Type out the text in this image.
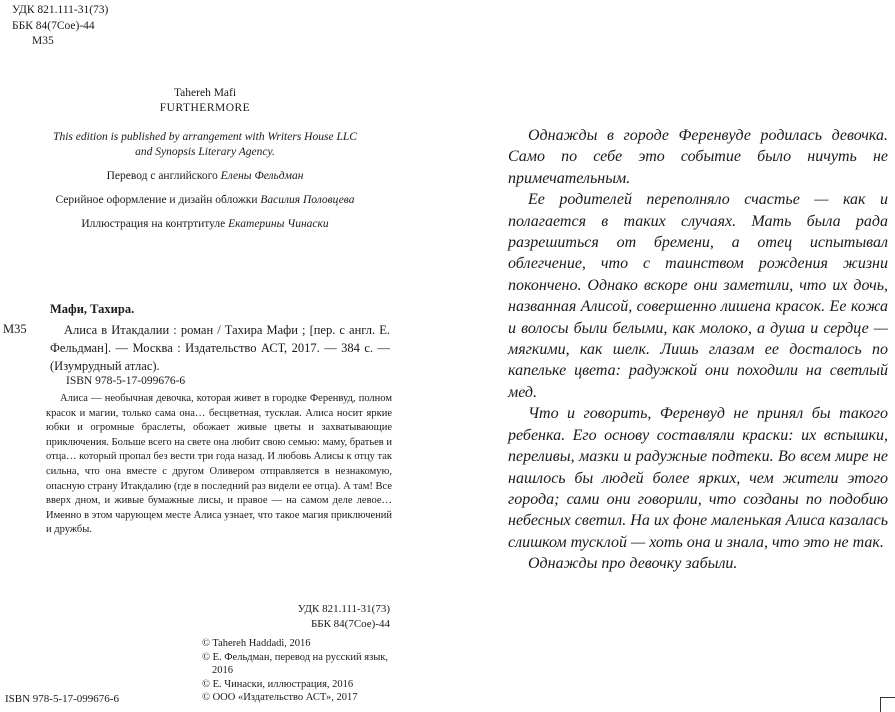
УДК 821.111-31(73)
ББК 84(7Сое)-44
М35
Tahereh Mafi
FURTHERMORE
This edition is published by arrangement with Writers House LLC
and Synopsis Literary Agency.
Перевод с английского Елены Фельдман
Серийное оформление и дизайн обложки Василия Половцева
Иллюстрация на контртитуле Екатерины Чинаски
Мафи, Тахира.
М35	Алиса в Итакдалии : роман / Тахира Мафи ; [пер. с англ. Е. Фельдман]. — Москва : Издательство АСТ, 2017. — 384 с. — (Изумрудный атлас).
ISBN 978-5-17-099676-6
Алиса — необычная девочка, которая живет в городке Ференвуд, полном красок и магии, только сама она… бесцветная, тусклая. Алиса носит яркие юбки и огромные браслеты, обожает живые цветы и захватывающие приключения. Больше всего на свете она любит свою семью: маму, братьев и отца… который пропал без вести три года назад. И любовь Алисы к отцу так сильна, что она вместе с другом Оливером отправляется в незнакомую, опасную страну Итакдалию (где в последний раз видели ее отца). А там! Все вверх дном, и живые бумажные лисы, и правое — на самом деле левое… Именно в этом чарующем месте Алиса узнает, что такое магия приключений и дружбы.
УДК 821.111-31(73)
ББК 84(7Сое)-44
© Tahereh Haddadi, 2016
© Е. Фельдман, перевод на русский язык, 2016
© Е. Чинаски, иллюстрация, 2016
© ООО «Издательство АСТ», 2017
ISBN 978-5-17-099676-6

Однажды в городе Ференвуде родилась девочка. Само по себе это событие было ничуть не примечательным.

Ее родителей переполняло счастье — как и полагается в таких случаях. Мать была рада разрешиться от бремени, а отец испытывал облегчение, что с таинством рождения жизни покончено. Однако вскоре они заметили, что их дочь, названная Алисой, совершенно лишена красок. Ее кожа и волосы были белыми, как молоко, а душа и сердце — мягкими, как шелк. Лишь глазам ее досталось по капельке цвета: радужкой они походили на светлый мед.

Что и говорить, Ференвуд не принял бы такого ребенка. Его основу составляли краски: их вспышки, переливы, мазки и радужные подтеки. Во всем мире не нашлось бы людей более ярких, чем жители этого города; сами они говорили, что созданы по подобию небесных светил. На их фоне маленькая Алиса казалась слишком тусклой — хоть она и знала, что это не так.

Однажды про девочку забыли.
